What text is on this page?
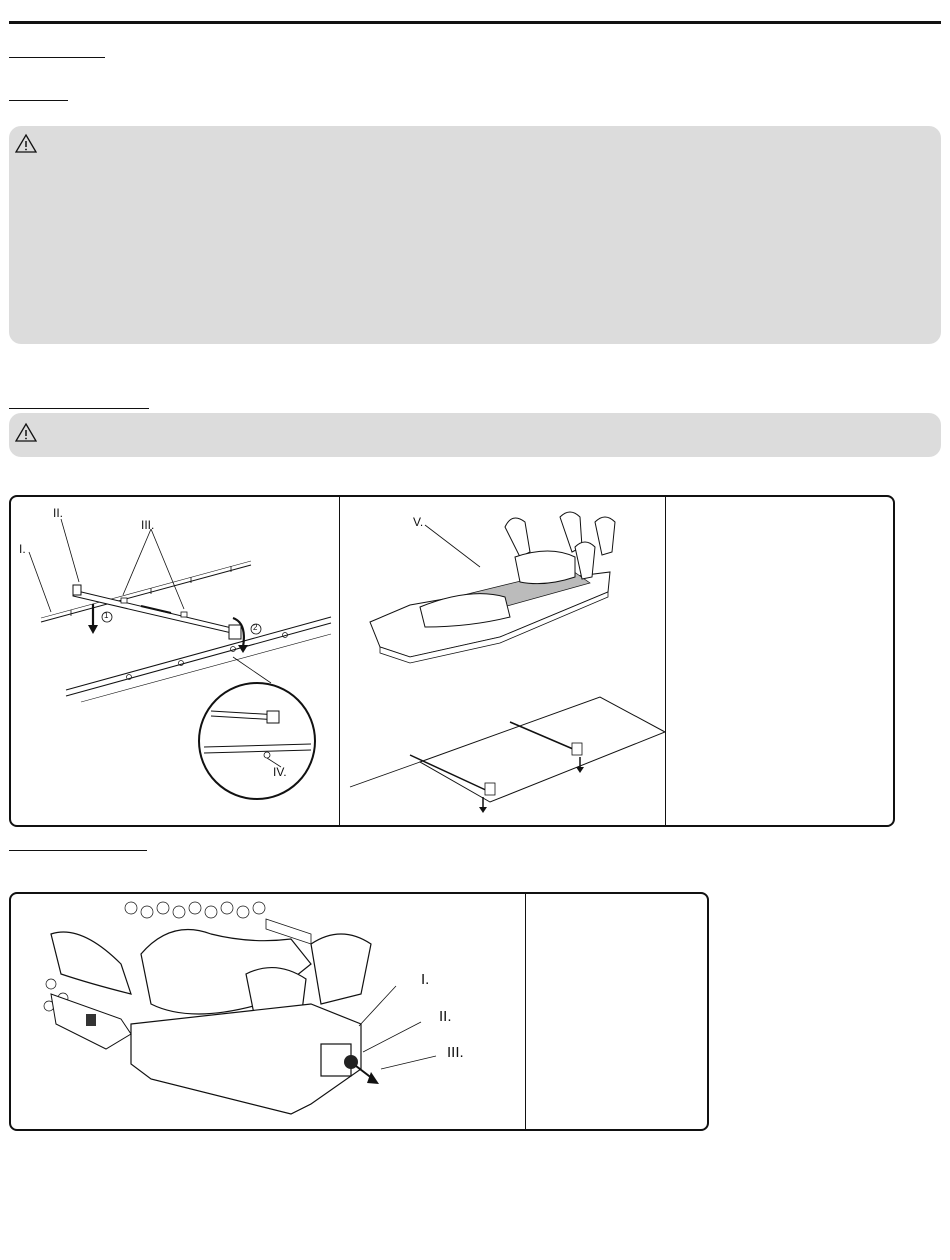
I.
II.
III.
1
2
IV.
V.
I.
II.
III.
